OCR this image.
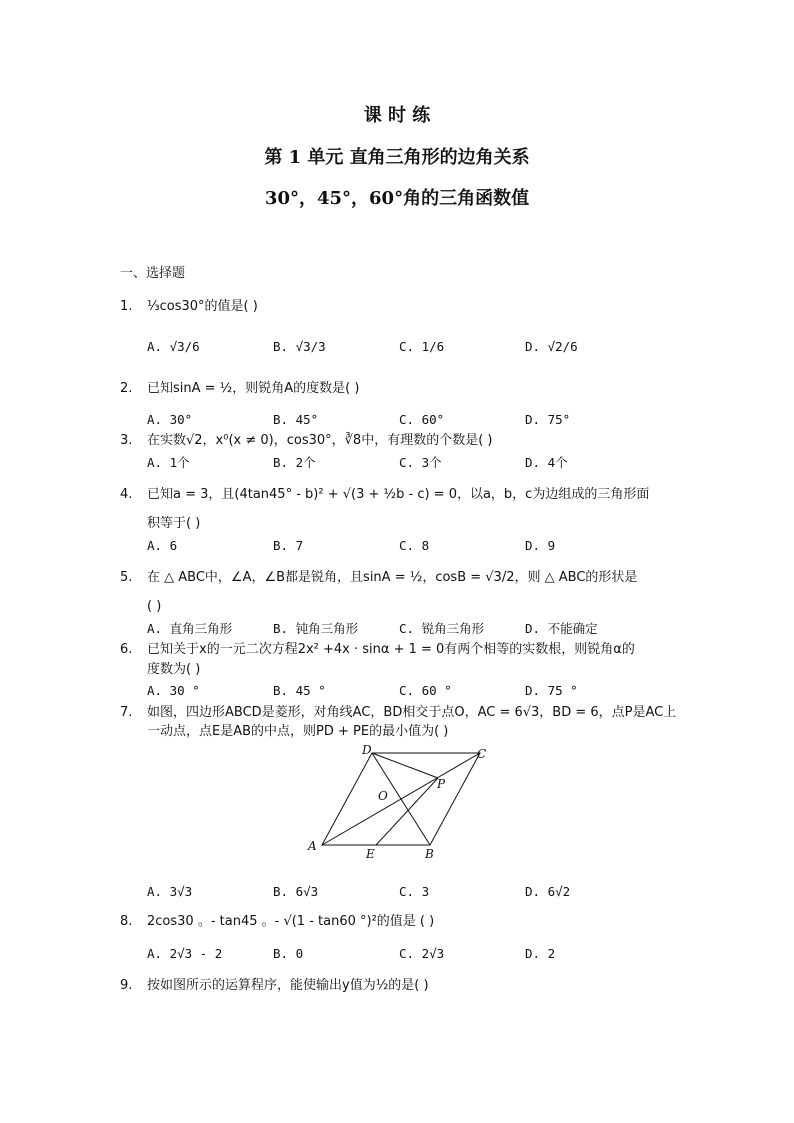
课 时 练
第 1 单元 直角三角形的边角关系
30°，45°，60°角的三角函数值
一、选择题
1. ⅓cos30°的值是( )
A. √3/6	B. √3/3	C. 1/6	D. √2/6
2. 已知sinA = ½，则锐角A的度数是( )
A. 30°	B. 45°	C. 60°	D. 75°
3. 在实数√2，x⁰(x ≠ 0)，cos30°，∛8中，有理数的个数是( )
A. 1个	B. 2个	C. 3个	D. 4个
4. 已知a = 3，且(4tan45° - b)² + √(3 + ½b - c) = 0，以a，b，c为边组成的三角形面
积等于( )
A. 6	B. 7	C. 8	D. 9
5. 在 △ ABC中，∠A，∠B都是锐角，且sinA = ½，cosB = √3/2，则 △ ABC的形状是
( )
A. 直角三角形	B. 钝角三角形	C. 锐角三角形	D. 不能确定
6. 已知关于x的一元二次方程2x² +4x · sinα + 1 = 0有两个相等的实数根，则锐角α的
度数为( )
A. 30 °	B. 45 °	C. 60 °	D. 75 °
7. 如图，四边形ABCD是菱形，对角线AC，BD相交于点O，AC = 6√3，BD = 6，点P是AC上
一动点，点E是AB的中点，则PD + PE的最小值为( )
A
B
C
D
O
P
E
A. 3√3	B. 6√3	C. 3	D. 6√2
8. 2cos30 。- tan45 。- √(1 - tan60 °)²的值是 ( )
A. 2√3 - 2	B. 0	C. 2√3	D. 2
9. 按如图所示的运算程序，能使输出y值为½的是( )
